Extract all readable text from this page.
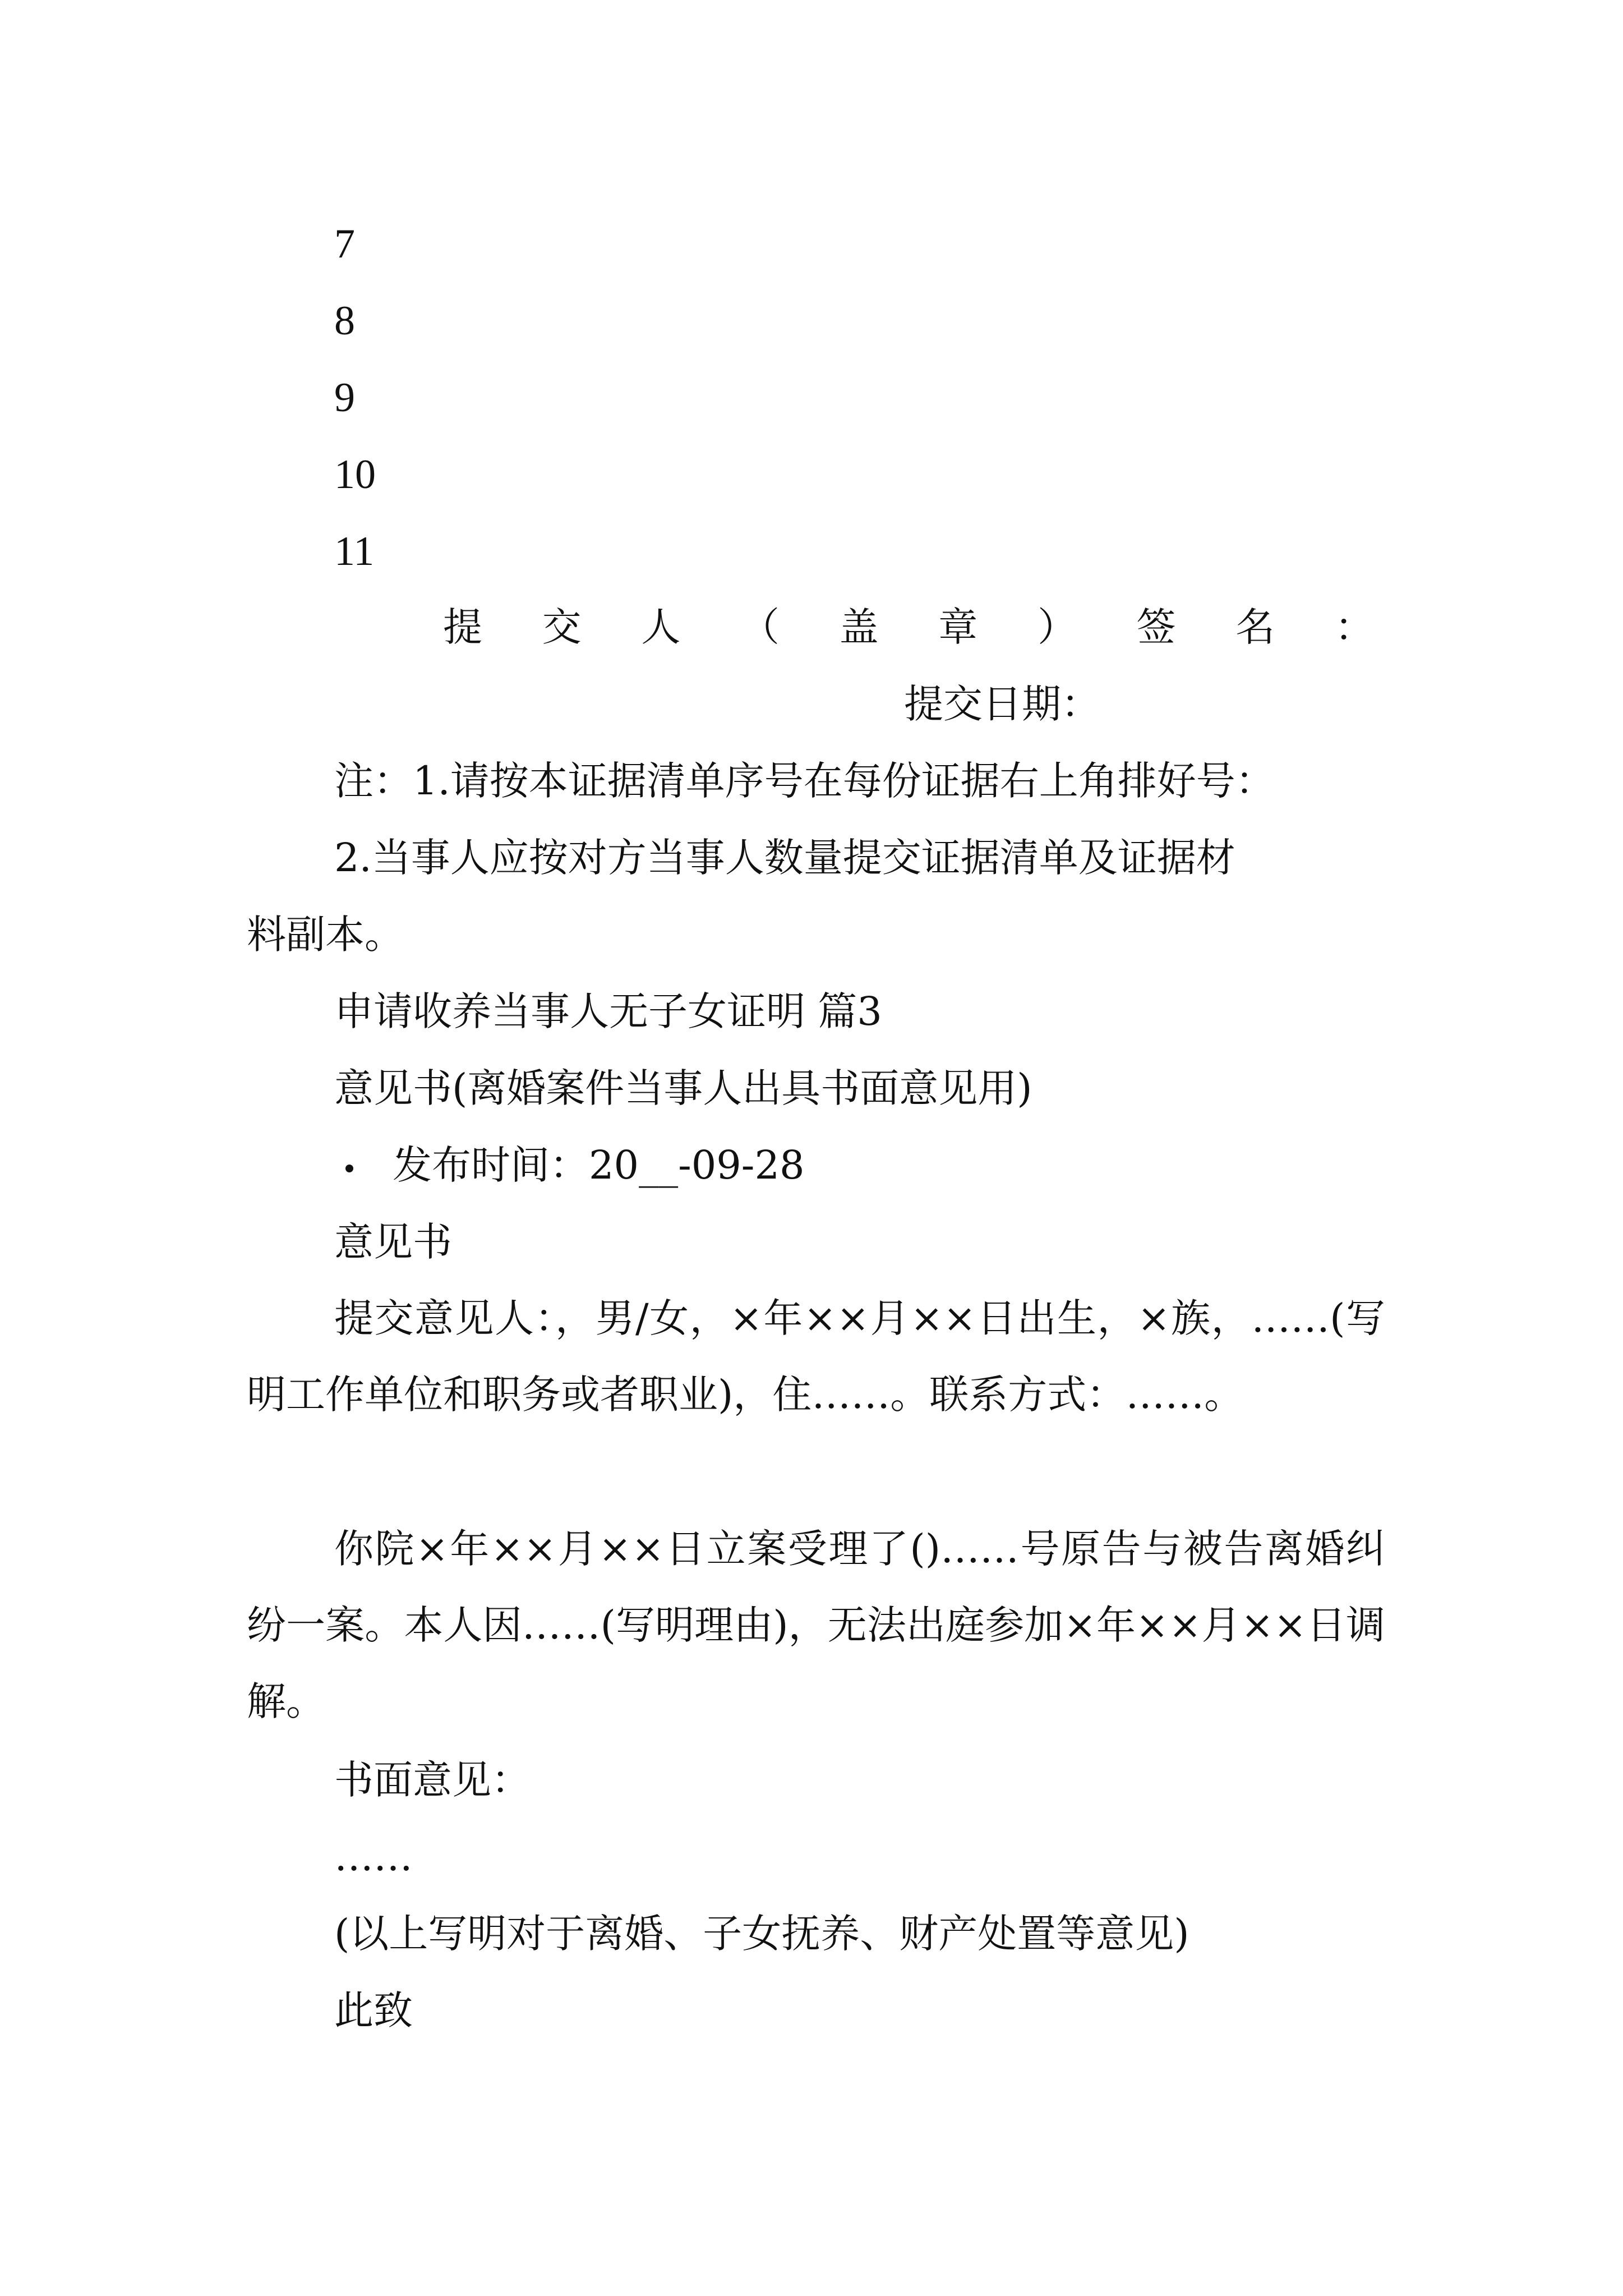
7
8
9
10
11
提 交 人 （ 盖 章 ） 签 名 ：
提交日期：
注：1.请按本证据清单序号在每份证据右上角排好号：
2.当事人应按对方当事人数量提交证据清单及证据材
料副本。
申请收养当事人无子女证明 篇3
意见书(离婚案件当事人出具书面意见用)
发布时间：20__-09-28
意见书
提交意见人：，男/女，×年××月××日出生，×族，……(写明工作单位和职务或者职业)，住……。联系方式：……。
你院×年××月××日立案受理了()……号原告与被告离婚纠纷一案。本人因……(写明理由)，无法出庭参加×年××月××日调解。
书面意见：
……
(以上写明对于离婚、子女抚养、财产处置等意见)
此致
